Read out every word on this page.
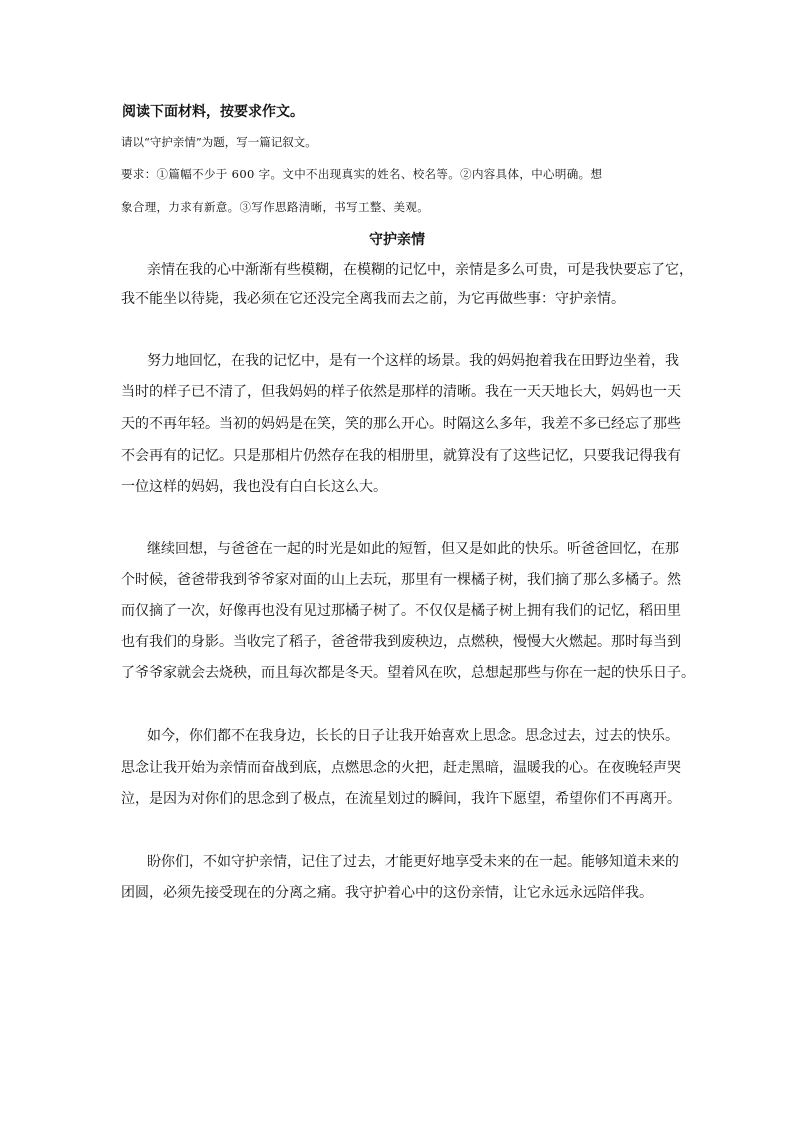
阅读下面材料，按要求作文。
请以“守护亲情”为题，写一篇记叙文。
要求：①篇幅不少于 600 字。文中不出现真实的姓名、校名等。②内容具体，中心明确。想
象合理，力求有新意。③写作思路清晰，书写工整、美观。
守护亲情
亲情在我的心中渐渐有些模糊，在模糊的记忆中，亲情是多么可贵，可是我快要忘了它，
我不能坐以待毙，我必须在它还没完全离我而去之前，为它再做些事：守护亲情。
努力地回忆，在我的记忆中，是有一个这样的场景。我的妈妈抱着我在田野边坐着，我
当时的样子已不清了，但我妈妈的样子依然是那样的清晰。我在一天天地长大，妈妈也一天
天的不再年轻。当初的妈妈是在笑，笑的那么开心。时隔这么多年，我差不多已经忘了那些
不会再有的记忆。只是那相片仍然存在我的相册里，就算没有了这些记忆，只要我记得我有
一位这样的妈妈，我也没有白白长这么大。
继续回想，与爸爸在一起的时光是如此的短暂，但又是如此的快乐。听爸爸回忆，在那
个时候，爸爸带我到爷爷家对面的山上去玩，那里有一棵橘子树，我们摘了那么多橘子。然
而仅摘了一次，好像再也没有见过那橘子树了。不仅仅是橘子树上拥有我们的记忆，稻田里
也有我们的身影。当收完了稻子，爸爸带我到废秧边，点燃秧，慢慢大火燃起。那时每当到
了爷爷家就会去烧秧，而且每次都是冬天。望着风在吹，总想起那些与你在一起的快乐日子。
如今，你们都不在我身边，长长的日子让我开始喜欢上思念。思念过去，过去的快乐。
思念让我开始为亲情而奋战到底，点燃思念的火把，赶走黑暗，温暖我的心。在夜晚轻声哭
泣，是因为对你们的思念到了极点，在流星划过的瞬间，我许下愿望，希望你们不再离开。
盼你们，不如守护亲情，记住了过去，才能更好地享受未来的在一起。能够知道未来的
团圆，必须先接受现在的分离之痛。我守护着心中的这份亲情，让它永远永远陪伴我。
